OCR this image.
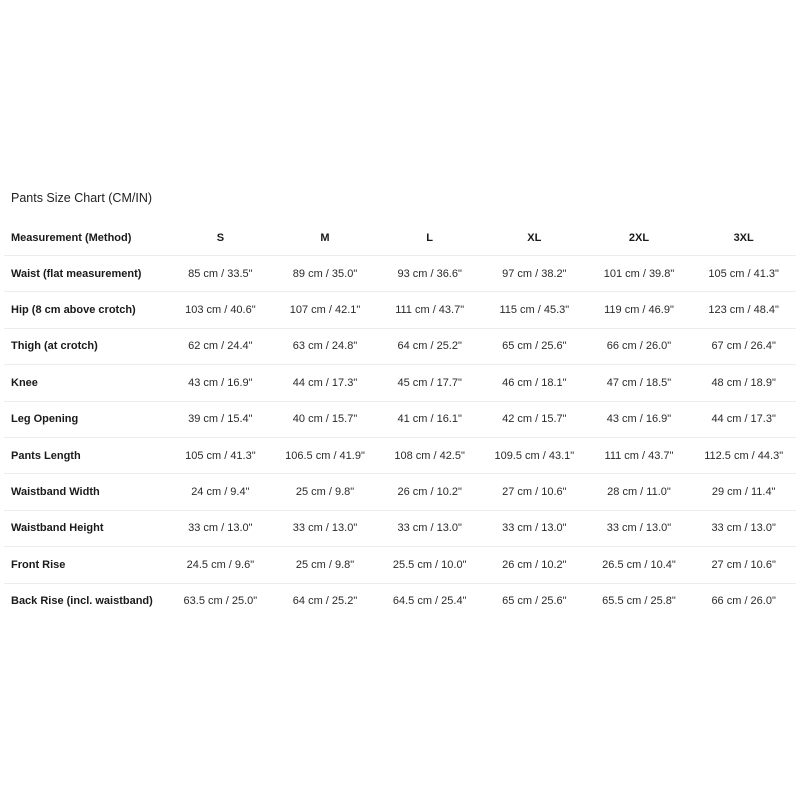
Pants Size Chart (CM/IN)
Measurement (Method)	S	M	L	XL	2XL	3XL
Waist (flat measurement)	85 cm / 33.5"	89 cm / 35.0"	93 cm / 36.6"	97 cm / 38.2"	101 cm / 39.8"	105 cm / 41.3"
Hip (8 cm above crotch)	103 cm / 40.6"	107 cm / 42.1"	111 cm / 43.7"	115 cm / 45.3"	119 cm / 46.9"	123 cm / 48.4"
Thigh (at crotch)	62 cm / 24.4"	63 cm / 24.8"	64 cm / 25.2"	65 cm / 25.6"	66 cm / 26.0"	67 cm / 26.4"
Knee	43 cm / 16.9"	44 cm / 17.3"	45 cm / 17.7"	46 cm / 18.1"	47 cm / 18.5"	48 cm / 18.9"
Leg Opening	39 cm / 15.4"	40 cm / 15.7"	41 cm / 16.1"	42 cm / 15.7"	43 cm / 16.9"	44 cm / 17.3"
Pants Length	105 cm / 41.3"	106.5 cm / 41.9"	108 cm / 42.5"	109.5 cm / 43.1"	111 cm / 43.7"	112.5 cm / 44.3"
Waistband Width	24 cm / 9.4"	25 cm / 9.8"	26 cm / 10.2"	27 cm / 10.6"	28 cm / 11.0"	29 cm / 11.4"
Waistband Height	33 cm / 13.0"	33 cm / 13.0"	33 cm / 13.0"	33 cm / 13.0"	33 cm / 13.0"	33 cm / 13.0"
Front Rise	24.5 cm / 9.6"	25 cm / 9.8"	25.5 cm / 10.0"	26 cm / 10.2"	26.5 cm / 10.4"	27 cm / 10.6"
Back Rise (incl. waistband)	63.5 cm / 25.0"	64 cm / 25.2"	64.5 cm / 25.4"	65 cm / 25.6"	65.5 cm / 25.8"	66 cm / 26.0"
